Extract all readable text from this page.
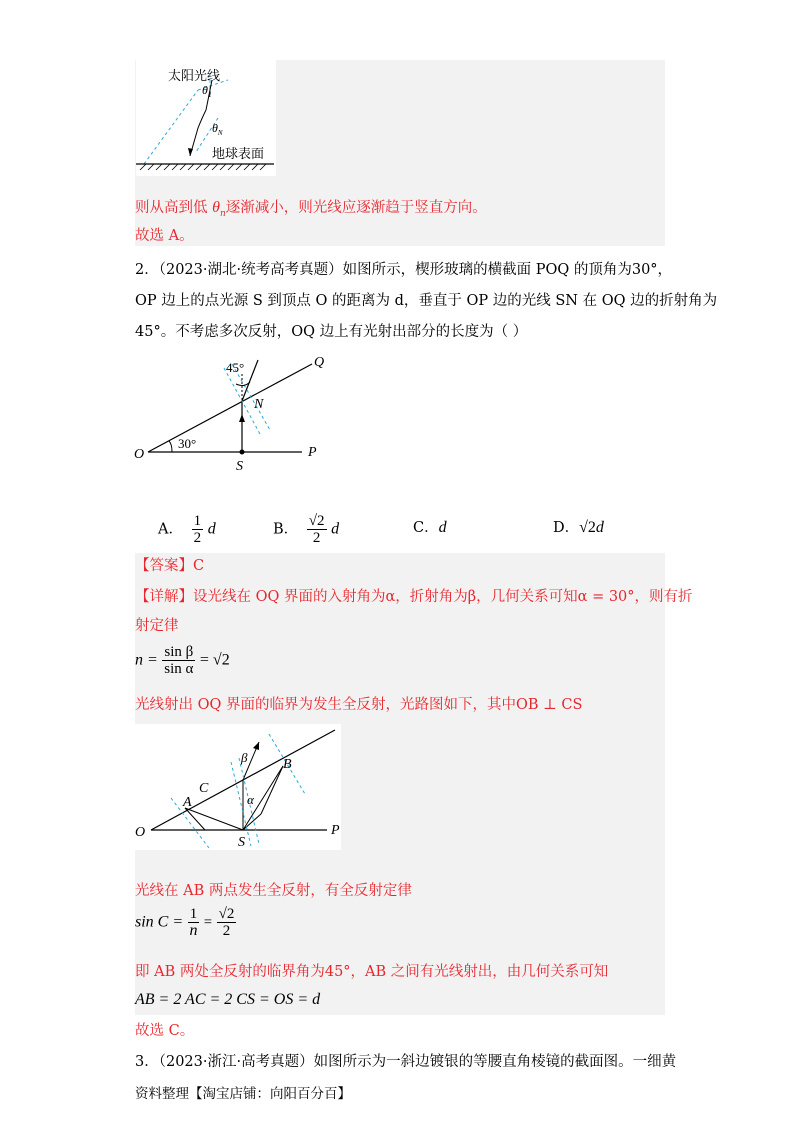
太阳光线
地球表面
$\theta_1$
$\theta_N$
则从高到低 $\theta_n$逐渐减小，则光线应逐渐趋于竖直方向。
故选 A。
2．（2023·湖北·统考高考真题）如图所示，楔形玻璃的横截面 POQ 的顶角为30°，
OP 边上的点光源 S 到顶点 O 的距离为 d，垂直于 OP 边的光线 SN 在 OQ 边的折射角为
45°。不考虑多次反射，OQ 边上有光射出部分的长度为（ ）
45°
30°
O	P
Q
S
N
A． $\frac{1}{2}$ d	B． $\frac{√2}{2}$ d	C．d	D．√2d
【答案】C
【详解】设光线在 OQ 界面的入射角为α，折射角为β，几何关系可知α = 30°，则有折
射定律
$n = \frac{\text{sin β}}{\text{sin α}} = √2$
光线射出 OQ 界面的临界为发生全反射，光路图如下，其中OB ⊥ CS
O	P
S
A
C
B
α
β
光线在 AB 两点发生全反射，有全反射定律
$\sin C = \frac{1}{n} = \frac{√2}{2}$
即 AB 两处全反射的临界角为45°，AB 之间有光线射出，由几何关系可知
AB = 2 AC = 2 CS = OS = d
故选 C。
3．（2023·浙江·高考真题）如图所示为一斜边镀银的等腰直角棱镜的截面图。一细黄
资料整理【淘宝店铺：向阳百分百】
